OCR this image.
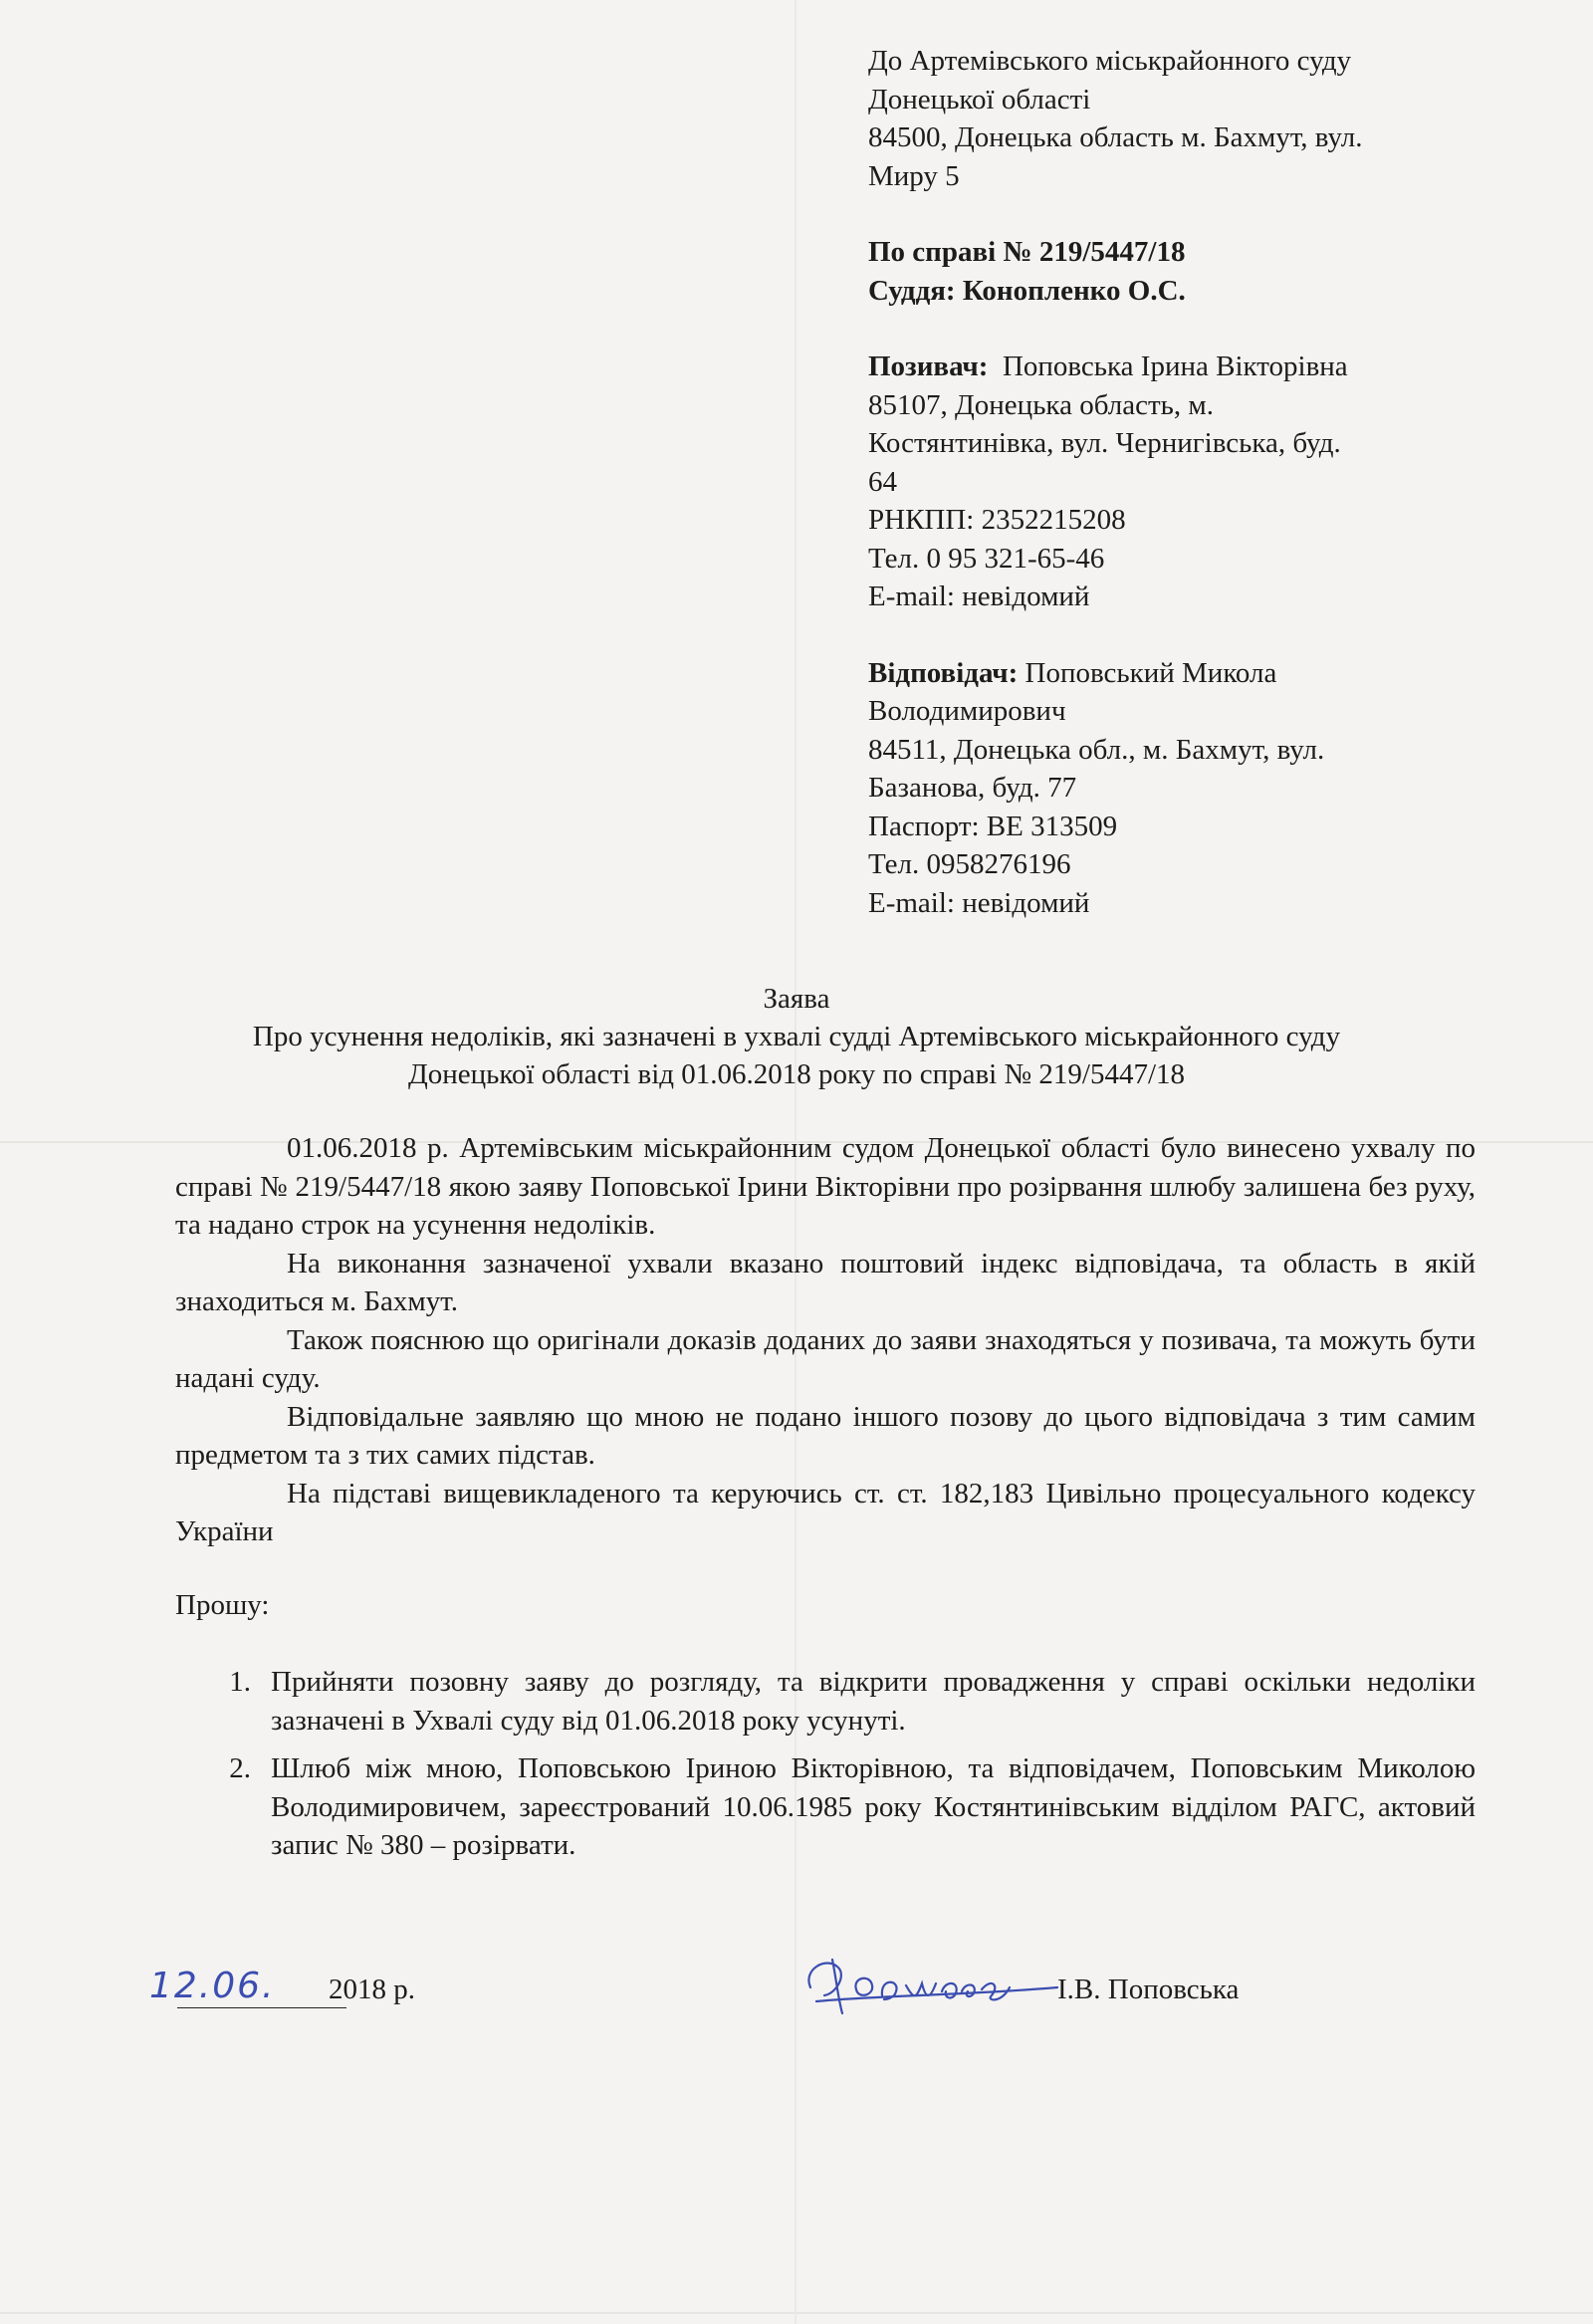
До Артемівського міськрайонного суду
Донецької області
84500, Донецька область м. Бахмут, вул.
Миру 5
По справі № 219/5447/18
Суддя: Конопленко О.С.
Позивач: Поповська Ірина Вікторівна
85107, Донецька область, м.
Костянтинівка, вул. Чернигівська, буд.
64
РНКПП: 2352215208
Тел. 0 95 321-65-46
E-mail: невідомий
Відповідач: Поповський Микола
Володимирович
84511, Донецька обл., м. Бахмут, вул.
Базанова, буд. 77
Паспорт: ВЕ 313509
Тел. 0958276196
E-mail: невідомий
Заява
Про усунення недоліків, які зазначені в ухвалі судді Артемівського міськрайонного суду
Донецької області від 01.06.2018 року по справі № 219/5447/18

01.06.2018 р. Артемівським міськрайонним судом Донецької області було винесено ухвалу по справі № 219/5447/18 якою заяву Поповської Ірини Вікторівни про розірвання шлюбу залишена без руху, та надано строк на усунення недоліків.

На виконання зазначеної ухвали вказано поштовий індекс відповідача, та область в якій знаходиться м. Бахмут.

Також пояснюю що оригінали доказів доданих до заяви знаходяться у позивача, та можуть бути надані суду.

Відповідальне заявляю що мною не подано іншого позову до цього відповідача з тим самим предметом та з тих самих підстав.

На підставі вищевикладеного та керуючись ст. ст. 182,183 Цивільно процесуального кодексу України

Прошу:
1. Прийняти позовну заяву до розгляду, та відкрити провадження у справі оскільки недоліки зазначені в Ухвалі суду від 01.06.2018 року усунуті.
2. Шлюб між мною, Поповською Іриною Вікторівною, та відповідачем, Поповським Миколою Володимировичем, зареєстрований 10.06.1985 року Костянтинівським відділом РАГС, актовий запис № 380 – розірвати.
12.06. 2018 р.	І.В. Поповська
